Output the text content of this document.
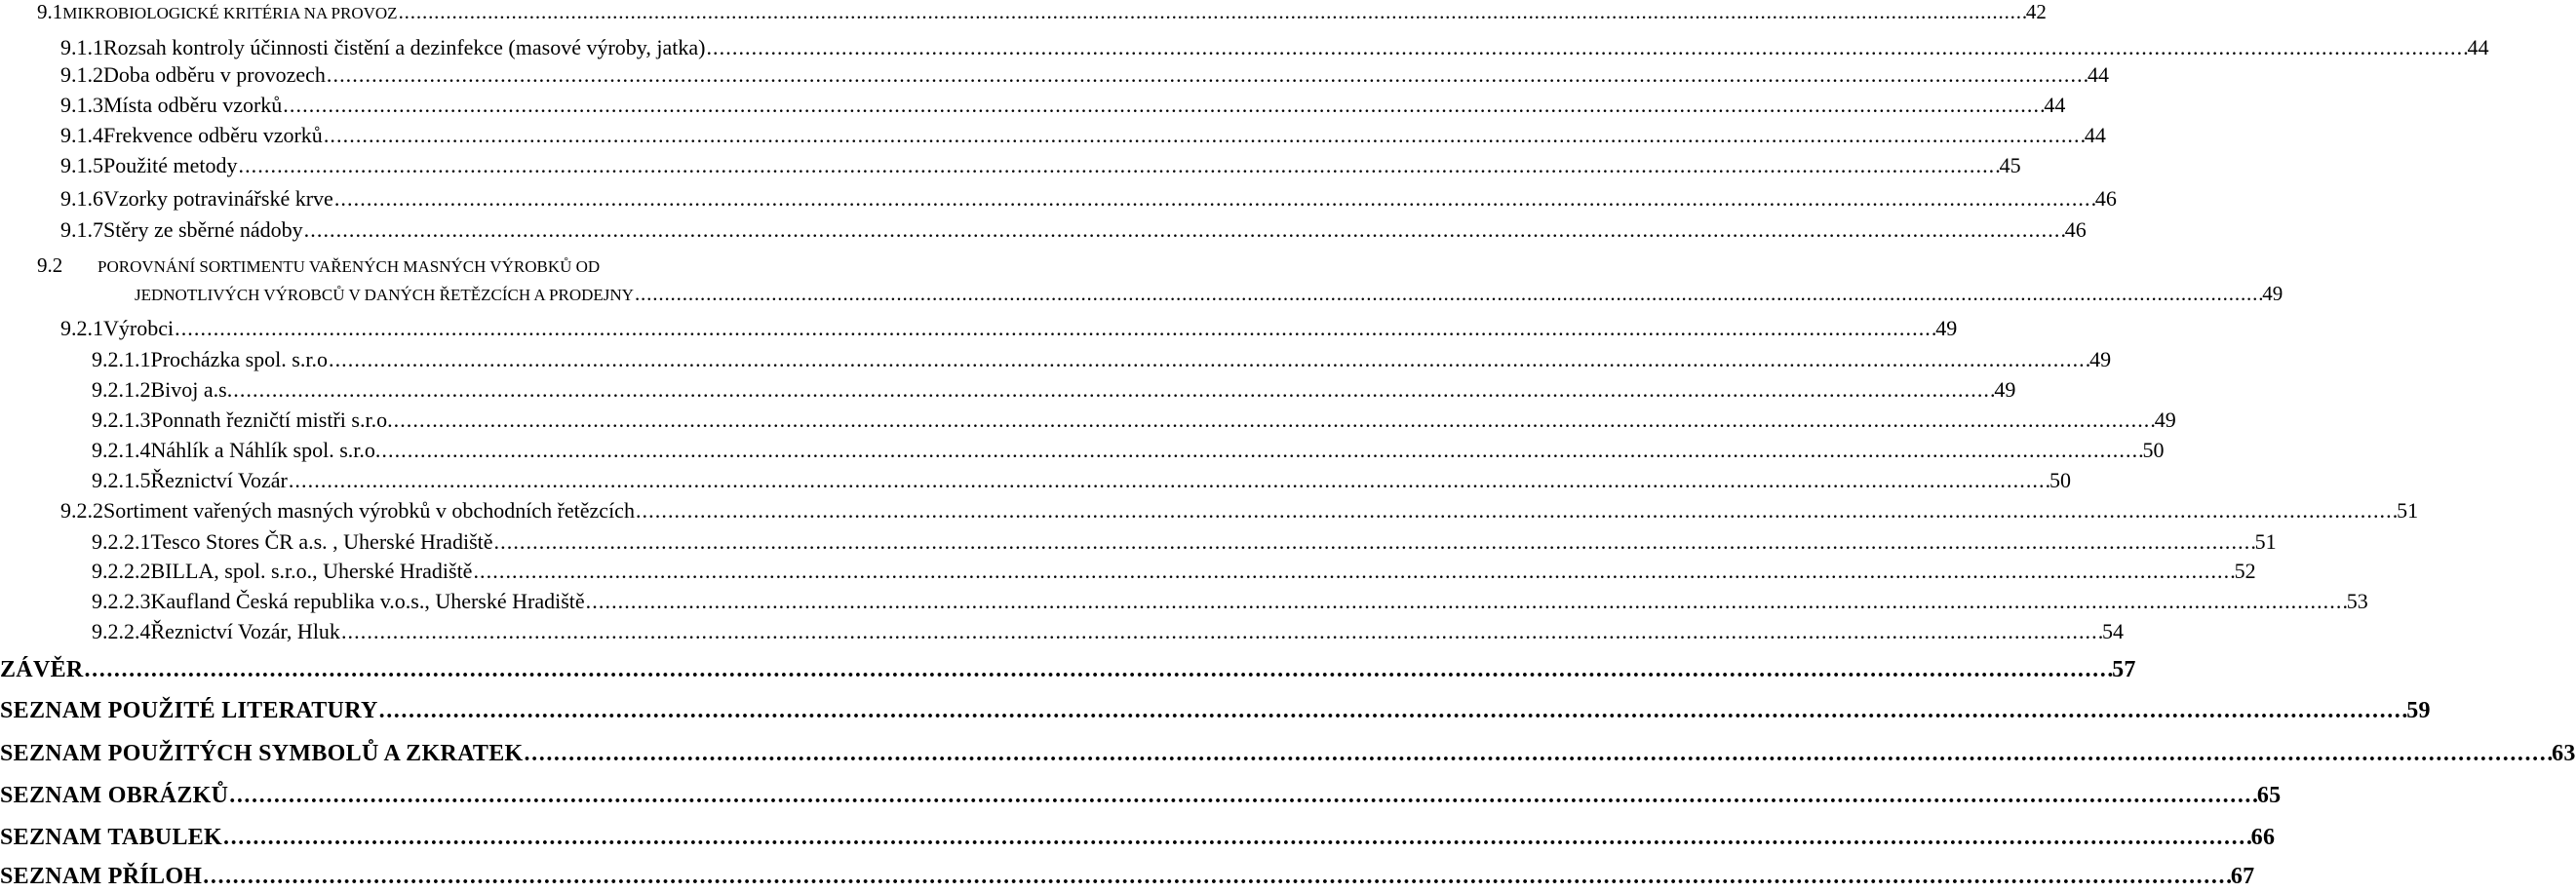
9.1 MIKROBIOLOGICKÉ KRITÉRIA NA PROVOZ . . .	42
9.1.1 Rozsah kontroly účinnosti čistění a dezinfekce (masové výroby, jatka) . . .	44
9.1.2 Doba odběru v provozech . . .	44
9.1.3 Místa odběru vzorků . . .	44
9.1.4 Frekvence odběru vzorků . . .	44
9.1.5 Použité metody . . .	45
9.1.6 Vzorky potravinářské krve . . .	46
9.1.7 Stěry ze sběrné nádoby . . .	46
9.2	POROVNÁNÍ SORTIMENTU VAŘENÝCH MASNÝCH VÝROBKŮ OD
JEDNOTLIVÝCH VÝROBCŮ V DANÝCH ŘETĚZCÍCH A PRODEJNY . . .	49
9.2.1 Výrobci . . .	49
9.2.1.1 Procházka spol. s.r.o . . .	49
9.2.1.2 Bivoj a.s. . . .	49
9.2.1.3 Ponnath řezničtí mistři s.r.o. . . .	49
9.2.1.4 Náhlík a Náhlík spol. s.r.o. . . .	50
9.2.1.5 Řeznictví Vozár . . .	50
9.2.2 Sortiment vařených masných výrobků v obchodních řetězcích . . .	51
9.2.2.1 Tesco Stores ČR a.s. , Uherské Hradiště . . .	51
9.2.2.2 BILLA, spol. s.r.o., Uherské Hradiště . . .	52
9.2.2.3 Kaufland Česká republika v.o.s., Uherské Hradiště . . .	53
9.2.2.4 Řeznictví Vozár, Hluk . . .	54
ZÁVĚR . . .	57
SEZNAM POUŽITÉ LITERATURY . . .	59
SEZNAM POUŽITÝCH SYMBOLŮ A ZKRATEK . . .	63
SEZNAM OBRÁZKŮ . . .	65
SEZNAM TABULEK . . .	66
SEZNAM PŘÍLOH . . .	67
